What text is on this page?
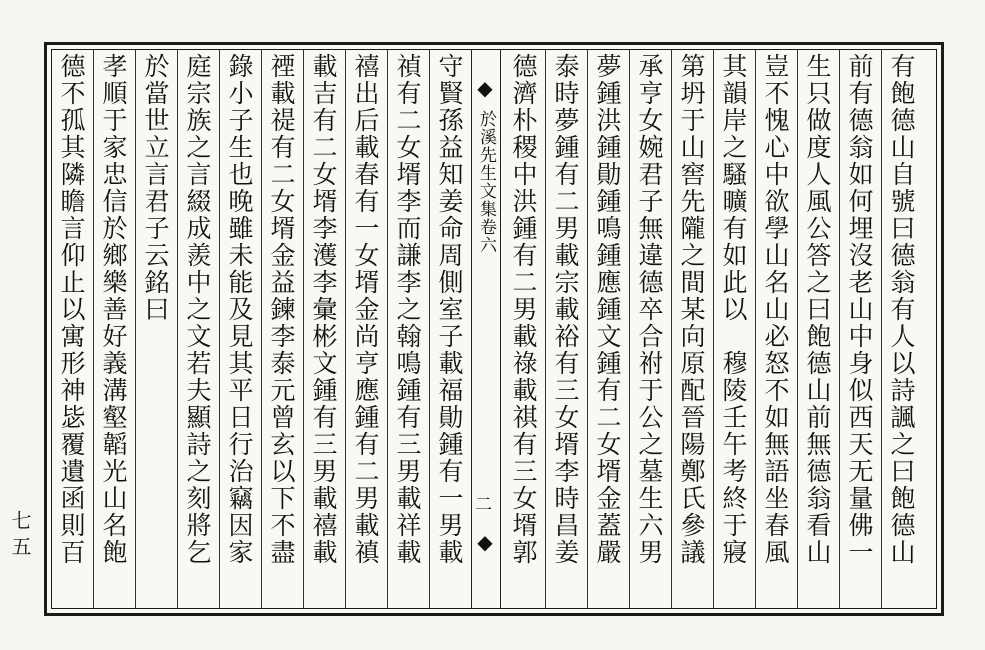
七五 德不孤其隣瞻言仰止以寓形神毖覆遺函則百 孝順于家忠信於鄉樂善好義溝壑韜光山名飽 於當世立言君子云銘曰 庭宗族之言綴成羨中之文若夫顯詩之刻將乞 錄小子生也晚雖未能及見其平日行治竊因家 禋載禔有二女壻金益鍊李泰元曾玄以下不盡 載吉有二女壻李濩李彙彬文鍾有三男載禧載 禧出后載春有一女壻金尚亨應鍾有二男載禛 禎有二女壻李而謙李之翰鳴鍾有三男載祥載 守賢孫益知姜命周側室子載福勛鍾有一男載 ◆
於溪先生文集卷六
二
◆ 德濟朴稷中洪鍾有二男載祿載祺有三女壻郭 泰時夢鍾有二男載宗載裕有三女壻李時昌姜 夢鍾洪鍾勛鍾鳴鍾應鍾文鍾有二女壻金蓋嚴 承亨女婉君子無違德卒合祔于公之墓生六男 第坍于山窖先隴之間某向原配晉陽鄭氏參議 其韻岸之騷曠有如此以　穆陵壬午考終于寢 豈不愧心中欲學山名山必怒不如無語坐春風 生只做度人風公答之曰飽德山前無德翁看山 前有德翁如何埋沒老山中身似西天无量佛一 有飽德山自號曰德翁有人以詩諷之曰飽德山
